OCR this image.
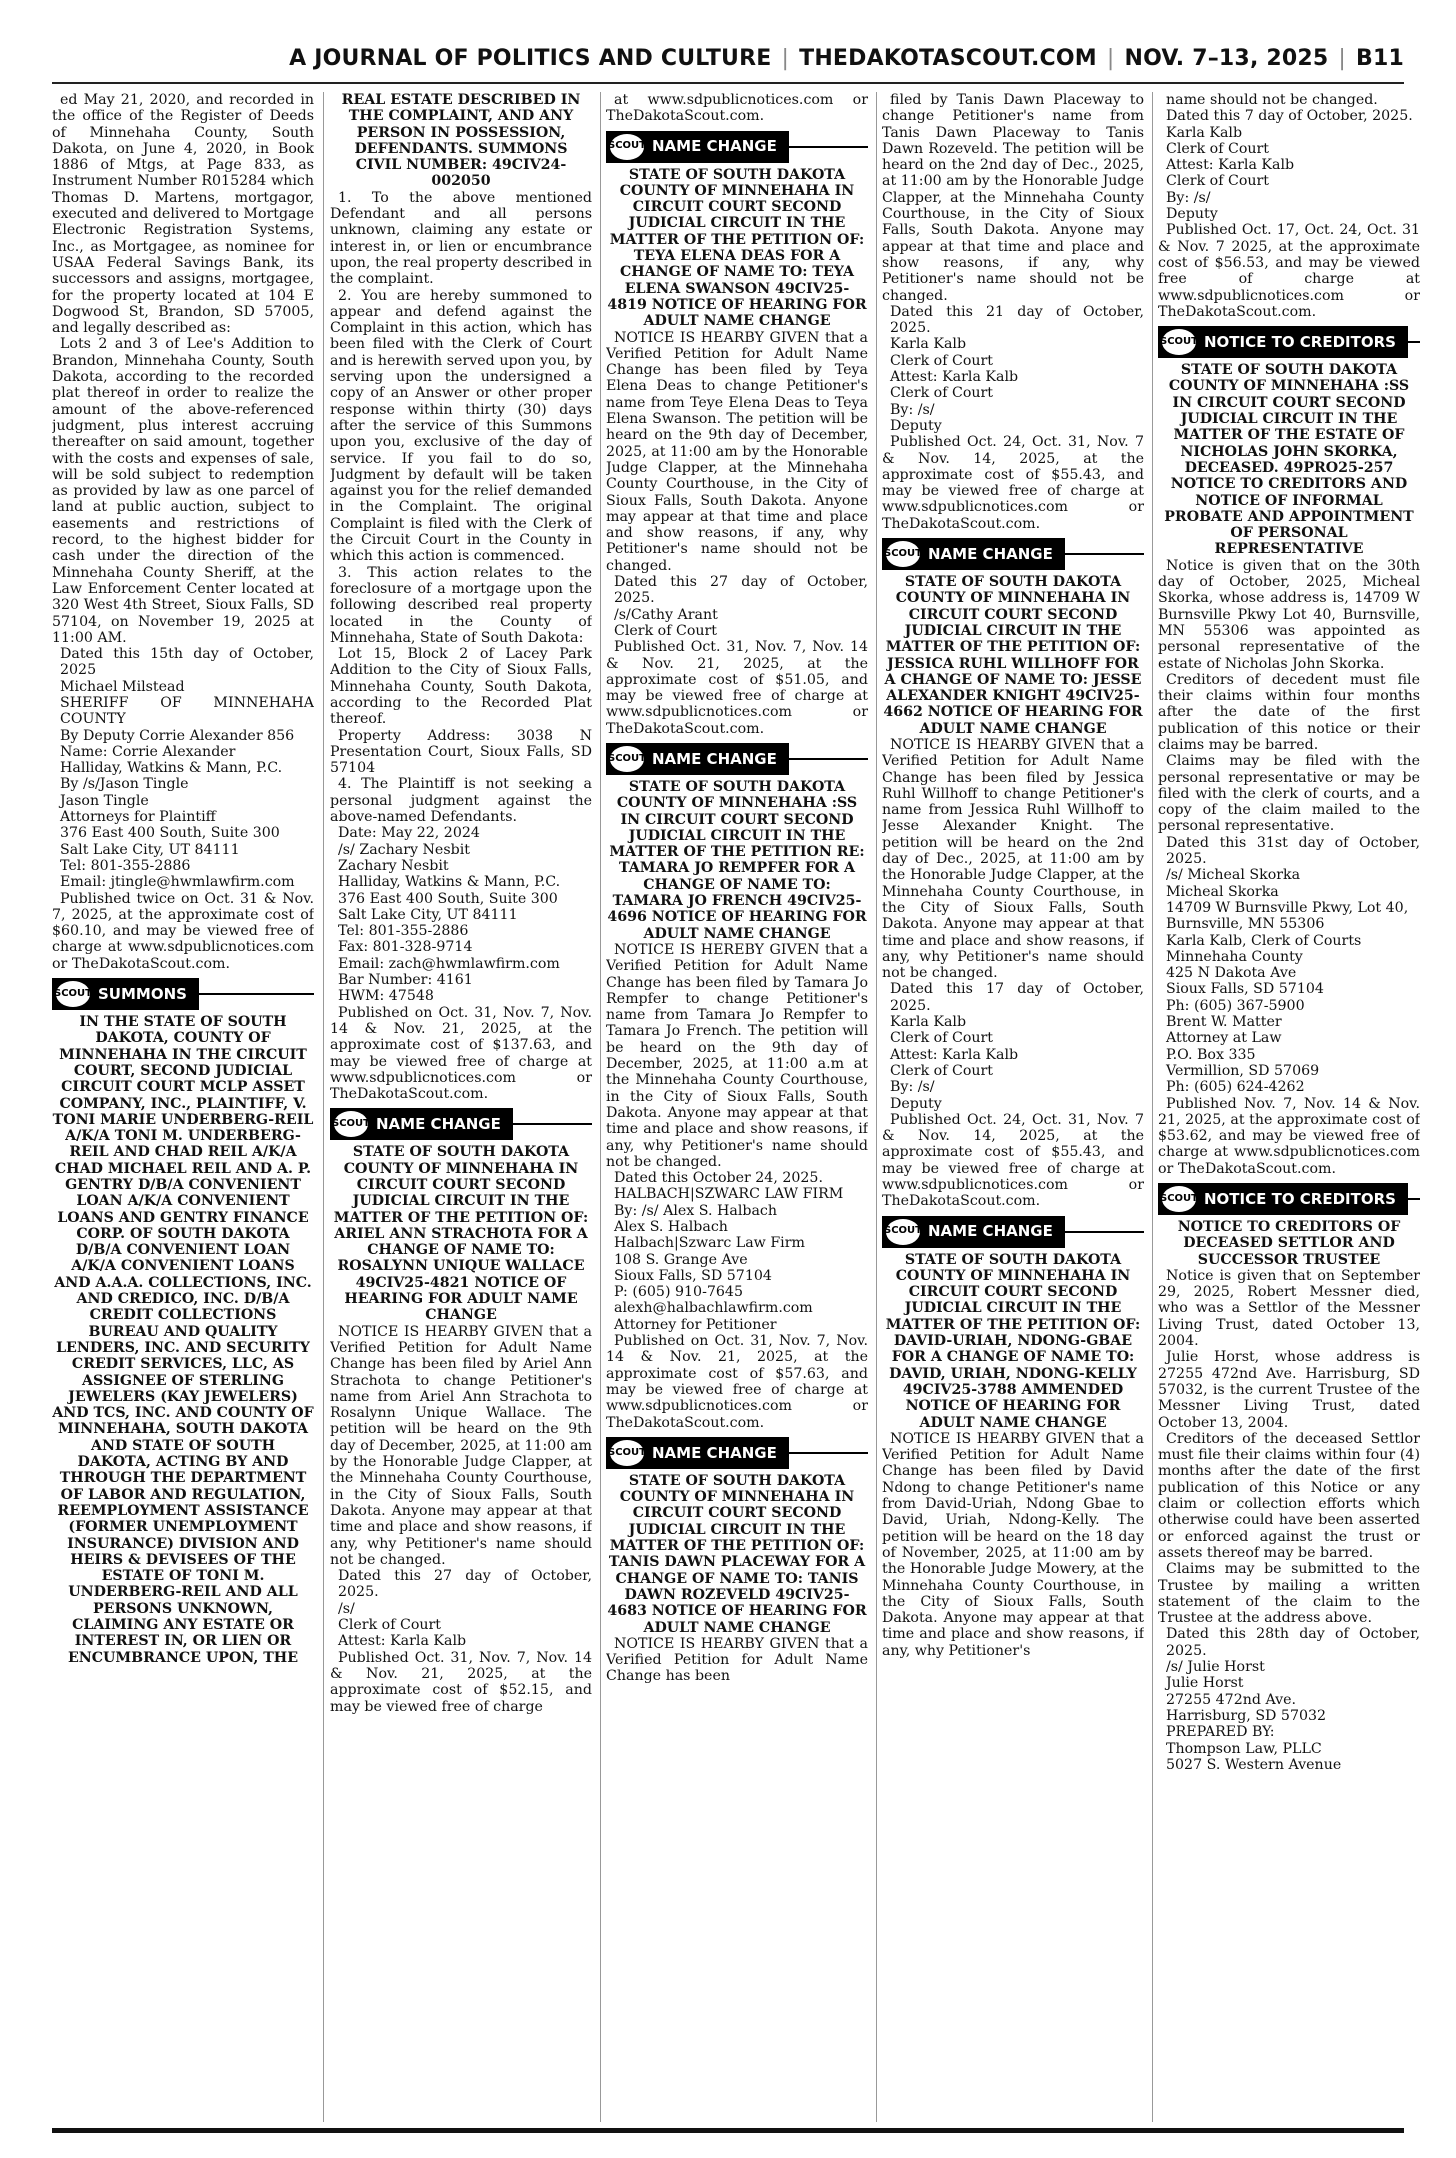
A JOURNAL OF POLITICS AND CULTURE | THEDAKOTASCOUT.COM | NOV. 7–13, 2025 | B11

ed May 21, 2020, and recorded in the office of the Register of Deeds of Minnehaha County, South Dakota, on June 4, 2020, in Book 1886 of Mtgs, at Page 833, as Instrument Number R015284 which Thomas D. Martens, mortgagor, executed and delivered to Mortgage Electronic Registration Systems, Inc., as Mortgagee, as nominee for USAA Federal Savings Bank, its successors and assigns, mortgagee, for the property located at 104 E Dogwood St, Brandon, SD 57005, and legally described as:

Lots 2 and 3 of Lee's Addition to Brandon, Minnehaha County, South Dakota, according to the recorded plat thereof in order to realize the amount of the above-referenced judgment, plus interest accruing thereafter on said amount, together with the costs and expenses of sale, will be sold subject to redemption as provided by law as one parcel of land at public auction, subject to easements and restrictions of record, to the highest bidder for cash under the direction of the Minnehaha County Sheriff, at the Law Enforcement Center located at 320 West 4th Street, Sioux Falls, SD 57104, on November 19, 2025 at 11:00 AM.

Dated this 15th day of October, 2025

Michael Milstead

SHERIFF OF MINNEHAHA COUNTY

By Deputy Corrie Alexander 856

Name: Corrie Alexander

Halliday, Watkins & Mann, P.C.

By /s/Jason Tingle

Jason Tingle

Attorneys for Plaintiff

376 East 400 South, Suite 300

Salt Lake City, UT 84111

Tel: 801-355-2886

Email: jtingle@hwmlawfirm.com

Published twice on Oct. 31 & Nov. 7, 2025, at the approximate cost of $60.10, and may be viewed free of charge at www.sdpublicnotices.com or TheDakotaScout.com.

SCOUT SUMMONS

IN THE STATE OF SOUTH DAKOTA, COUNTY OF MINNEHAHA IN THE CIRCUIT COURT, SECOND JUDICIAL CIRCUIT COURT MCLP ASSET COMPANY, INC., PLAINTIFF, V. TONI MARIE UNDERBERG-REIL A/K/A TONI M. UNDERBERG-REIL AND CHAD REIL A/K/A CHAD MICHAEL REIL AND A. P. GENTRY D/B/A CONVENIENT LOAN A/K/A CONVENIENT LOANS AND GENTRY FINANCE CORP. OF SOUTH DAKOTA D/B/A CONVENIENT LOAN A/K/A CONVENIENT LOANS AND A.A.A. COLLECTIONS, INC. AND CREDICO, INC. D/B/A CREDIT COLLECTIONS BUREAU AND QUALITY LENDERS, INC. AND SECURITY CREDIT SERVICES, LLC, AS ASSIGNEE OF STERLING JEWELERS (KAY JEWELERS) AND TCS, INC. AND COUNTY OF MINNEHAHA, SOUTH DAKOTA AND STATE OF SOUTH DAKOTA, ACTING BY AND THROUGH THE DEPARTMENT OF LABOR AND REGULATION, REEMPLOYMENT ASSISTANCE (FORMER UNEMPLOYMENT INSURANCE) DIVISION AND HEIRS & DEVISEES OF THE ESTATE OF TONI M. UNDERBERG-REIL AND ALL PERSONS UNKNOWN, CLAIMING ANY ESTATE OR INTEREST IN, OR LIEN OR ENCUMBRANCE UPON, THE

REAL ESTATE DESCRIBED IN THE COMPLAINT, AND ANY PERSON IN POSSESSION, DEFENDANTS. SUMMONS CIVIL NUMBER: 49CIV24-002050

1. To the above mentioned Defendant and all persons unknown, claiming any estate or interest in, or lien or encumbrance upon, the real property described in the complaint.

2. You are hereby summoned to appear and defend against the Complaint in this action, which has been filed with the Clerk of Court and is herewith served upon you, by serving upon the undersigned a copy of an Answer or other proper response within thirty (30) days after the service of this Summons upon you, exclusive of the day of service. If you fail to do so, Judgment by default will be taken against you for the relief demanded in the Complaint. The original Complaint is filed with the Clerk of the Circuit Court in the County in which this action is commenced.

3. This action relates to the foreclosure of a mortgage upon the following described real property located in the County of Minnehaha, State of South Dakota:

Lot 15, Block 2 of Lacey Park Addition to the City of Sioux Falls, Minnehaha County, South Dakota, according to the Recorded Plat thereof.

Property Address: 3038 N Presentation Court, Sioux Falls, SD 57104

4. The Plaintiff is not seeking a personal judgment against the above-named Defendants.

Date: May 22, 2024

/s/ Zachary Nesbit

Zachary Nesbit

Halliday, Watkins & Mann, P.C.

376 East 400 South, Suite 300

Salt Lake City, UT 84111

Tel: 801-355-2886

Fax: 801-328-9714

Email: zach@hwmlawfirm.com

Bar Number: 4161

HWM: 47548

Published on Oct. 31, Nov. 7, Nov. 14 & Nov. 21, 2025, at the approximate cost of $137.63, and may be viewed free of charge at www.sdpublicnotices.com or TheDakotaScout.com.

SCOUT NAME CHANGE

STATE OF SOUTH DAKOTA COUNTY OF MINNEHAHA IN CIRCUIT COURT SECOND JUDICIAL CIRCUIT IN THE MATTER OF THE PETITION OF: ARIEL ANN STRACHOTA FOR A CHANGE OF NAME TO: ROSALYNN UNIQUE WALLACE 49CIV25-4821 NOTICE OF HEARING FOR ADULT NAME CHANGE

NOTICE IS HEARBY GIVEN that a Verified Petition for Adult Name Change has been filed by Ariel Ann Strachota to change Petitioner's name from Ariel Ann Strachota to Rosalynn Unique Wallace. The petition will be heard on the 9th day of December, 2025, at 11:00 am by the Honorable Judge Clapper, at the Minnehaha County Courthouse, in the City of Sioux Falls, South Dakota. Anyone may appear at that time and place and show reasons, if any, why Petitioner's name should not be changed.

Dated this 27 day of October, 2025.

/s/

Clerk of Court

Attest: Karla Kalb

Published Oct. 31, Nov. 7, Nov. 14 & Nov. 21, 2025, at the approximate cost of $52.15, and may be viewed free of charge

at www.sdpublicnotices.com or TheDakotaScout.com.

SCOUT NAME CHANGE

STATE OF SOUTH DAKOTA COUNTY OF MINNEHAHA IN CIRCUIT COURT SECOND JUDICIAL CIRCUIT IN THE MATTER OF THE PETITION OF: TEYA ELENA DEAS FOR A CHANGE OF NAME TO: TEYA ELENA SWANSON 49CIV25-4819 NOTICE OF HEARING FOR ADULT NAME CHANGE

NOTICE IS HEARBY GIVEN that a Verified Petition for Adult Name Change has been filed by Teya Elena Deas to change Petitioner's name from Teye Elena Deas to Teya Elena Swanson. The petition will be heard on the 9th day of December, 2025, at 11:00 am by the Honorable Judge Clapper, at the Minnehaha County Courthouse, in the City of Sioux Falls, South Dakota. Anyone may appear at that time and place and show reasons, if any, why Petitioner's name should not be changed.

Dated this 27 day of October, 2025.

/s/Cathy Arant

Clerk of Court

Published Oct. 31, Nov. 7, Nov. 14 & Nov. 21, 2025, at the approximate cost of $51.05, and may be viewed free of charge at www.sdpublicnotices.com or TheDakotaScout.com.

SCOUT NAME CHANGE

STATE OF SOUTH DAKOTA COUNTY OF MINNEHAHA :SS IN CIRCUIT COURT SECOND JUDICIAL CIRCUIT IN THE MATTER OF THE PETITION RE: TAMARA JO REMPFER FOR A CHANGE OF NAME TO: TAMARA JO FRENCH 49CIV25-4696 NOTICE OF HEARING FOR ADULT NAME CHANGE

NOTICE IS HEREBY GIVEN that a Verified Petition for Adult Name Change has been filed by Tamara Jo Rempfer to change Petitioner's name from Tamara Jo Rempfer to Tamara Jo French. The petition will be heard on the 9th day of December, 2025, at 11:00 a.m at the Minnehaha County Courthouse, in the City of Sioux Falls, South Dakota. Anyone may appear at that time and place and show reasons, if any, why Petitioner's name should not be changed.

Dated this October 24, 2025.

HALBACH|SZWARC LAW FIRM

By: /s/ Alex S. Halbach

Alex S. Halbach

Halbach|Szwarc Law Firm

108 S. Grange Ave

Sioux Falls, SD 57104

P: (605) 910-7645

alexh@halbachlawfirm.com

Attorney for Petitioner

Published on Oct. 31, Nov. 7, Nov. 14 & Nov. 21, 2025, at the approximate cost of $57.63, and may be viewed free of charge at www.sdpublicnotices.com or TheDakotaScout.com.

SCOUT NAME CHANGE

STATE OF SOUTH DAKOTA COUNTY OF MINNEHAHA IN CIRCUIT COURT SECOND JUDICIAL CIRCUIT IN THE MATTER OF THE PETITION OF: TANIS DAWN PLACEWAY FOR A CHANGE OF NAME TO: TANIS DAWN ROZEVELD 49CIV25-4683 NOTICE OF HEARING FOR ADULT NAME CHANGE

NOTICE IS HEARBY GIVEN that a Verified Petition for Adult Name Change has been

filed by Tanis Dawn Placeway to change Petitioner's name from Tanis Dawn Placeway to Tanis Dawn Rozeveld. The petition will be heard on the 2nd day of Dec., 2025, at 11:00 am by the Honorable Judge Clapper, at the Minnehaha County Courthouse, in the City of Sioux Falls, South Dakota. Anyone may appear at that time and place and show reasons, if any, why Petitioner's name should not be changed.

Dated this 21 day of October, 2025.

Karla Kalb

Clerk of Court

Attest: Karla Kalb

Clerk of Court

By: /s/

Deputy

Published Oct. 24, Oct. 31, Nov. 7 & Nov. 14, 2025, at the approximate cost of $55.43, and may be viewed free of charge at www.sdpublicnotices.com or TheDakotaScout.com.

SCOUT NAME CHANGE

STATE OF SOUTH DAKOTA COUNTY OF MINNEHAHA IN CIRCUIT COURT SECOND JUDICIAL CIRCUIT IN THE MATTER OF THE PETITION OF: JESSICA RUHL WILLHOFF FOR A CHANGE OF NAME TO: JESSE ALEXANDER KNIGHT 49CIV25-4662 NOTICE OF HEARING FOR ADULT NAME CHANGE

NOTICE IS HEARBY GIVEN that a Verified Petition for Adult Name Change has been filed by Jessica Ruhl Willhoff to change Petitioner's name from Jessica Ruhl Willhoff to Jesse Alexander Knight. The petition will be heard on the 2nd day of Dec., 2025, at 11:00 am by the Honorable Judge Clapper, at the Minnehaha County Courthouse, in the City of Sioux Falls, South Dakota. Anyone may appear at that time and place and show reasons, if any, why Petitioner's name should not be changed.

Dated this 17 day of October, 2025.

Karla Kalb

Clerk of Court

Attest: Karla Kalb

Clerk of Court

By: /s/

Deputy

Published Oct. 24, Oct. 31, Nov. 7 & Nov. 14, 2025, at the approximate cost of $55.43, and may be viewed free of charge at www.sdpublicnotices.com or TheDakotaScout.com.

SCOUT NAME CHANGE

STATE OF SOUTH DAKOTA COUNTY OF MINNEHAHA IN CIRCUIT COURT SECOND JUDICIAL CIRCUIT IN THE MATTER OF THE PETITION OF: DAVID-URIAH, NDONG-GBAE FOR A CHANGE OF NAME TO: DAVID, URIAH, NDONG-KELLY 49CIV25-3788 AMMENDED NOTICE OF HEARING FOR ADULT NAME CHANGE

NOTICE IS HEARBY GIVEN that a Verified Petition for Adult Name Change has been filed by David Ndong to change Petitioner's name from David-Uriah, Ndong Gbae to David, Uriah, Ndong-Kelly. The petition will be heard on the 18 day of November, 2025, at 11:00 am by the Honorable Judge Mowery, at the Minnehaha County Courthouse, in the City of Sioux Falls, South Dakota. Anyone may appear at that time and place and show reasons, if any, why Petitioner's

name should not be changed.

Dated this 7 day of October, 2025.

Karla Kalb

Clerk of Court

Attest: Karla Kalb

Clerk of Court

By: /s/

Deputy

Published Oct. 17, Oct. 24, Oct. 31 & Nov. 7 2025, at the approximate cost of $56.53, and may be viewed free of charge at www.sdpublicnotices.com or TheDakotaScout.com.

SCOUT NOTICE TO CREDITORS

STATE OF SOUTH DAKOTA COUNTY OF MINNEHAHA :SS IN CIRCUIT COURT SECOND JUDICIAL CIRCUIT IN THE MATTER OF THE ESTATE OF NICHOLAS JOHN SKORKA, DECEASED. 49PRO25-257 NOTICE TO CREDITORS AND NOTICE OF INFORMAL PROBATE AND APPOINTMENT OF PERSONAL REPRESENTATIVE

Notice is given that on the 30th day of October, 2025, Micheal Skorka, whose address is, 14709 W Burnsville Pkwy Lot 40, Burnsville, MN 55306 was appointed as personal representative of the estate of Nicholas John Skorka.

Creditors of decedent must file their claims within four months after the date of the first publication of this notice or their claims may be barred.

Claims may be filed with the personal representative or may be filed with the clerk of courts, and a copy of the claim mailed to the personal representative.

Dated this 31st day of October, 2025.

/s/ Micheal Skorka

Micheal Skorka

14709 W Burnsville Pkwy, Lot 40,

Burnsville, MN 55306

Karla Kalb, Clerk of Courts

Minnehaha County

425 N Dakota Ave

Sioux Falls, SD 57104

Ph: (605) 367-5900

Brent W. Matter

Attorney at Law

P.O. Box 335

Vermillion, SD 57069

Ph: (605) 624-4262

Published Nov. 7, Nov. 14 & Nov. 21, 2025, at the approximate cost of $53.62, and may be viewed free of charge at www.sdpublicnotices.com or TheDakotaScout.com.

SCOUT NOTICE TO CREDITORS

NOTICE TO CREDITORS OF DECEASED SETTLOR AND SUCCESSOR TRUSTEE

Notice is given that on September 29, 2025, Robert Messner died, who was a Settlor of the Messner Living Trust, dated October 13, 2004.

Julie Horst, whose address is 27255 472nd Ave. Harrisburg, SD 57032, is the current Trustee of the Messner Living Trust, dated October 13, 2004.

Creditors of the deceased Settlor must file their claims within four (4) months after the date of the first publication of this Notice or any claim or collection efforts which otherwise could have been asserted or enforced against the trust or assets thereof may be barred.

Claims may be submitted to the Trustee by mailing a written statement of the claim to the Trustee at the address above.

Dated this 28th day of October, 2025.

/s/ Julie Horst

Julie Horst

27255 472nd Ave.

Harrisburg, SD 57032

PREPARED BY:

Thompson Law, PLLC

5027 S. Western Avenue
